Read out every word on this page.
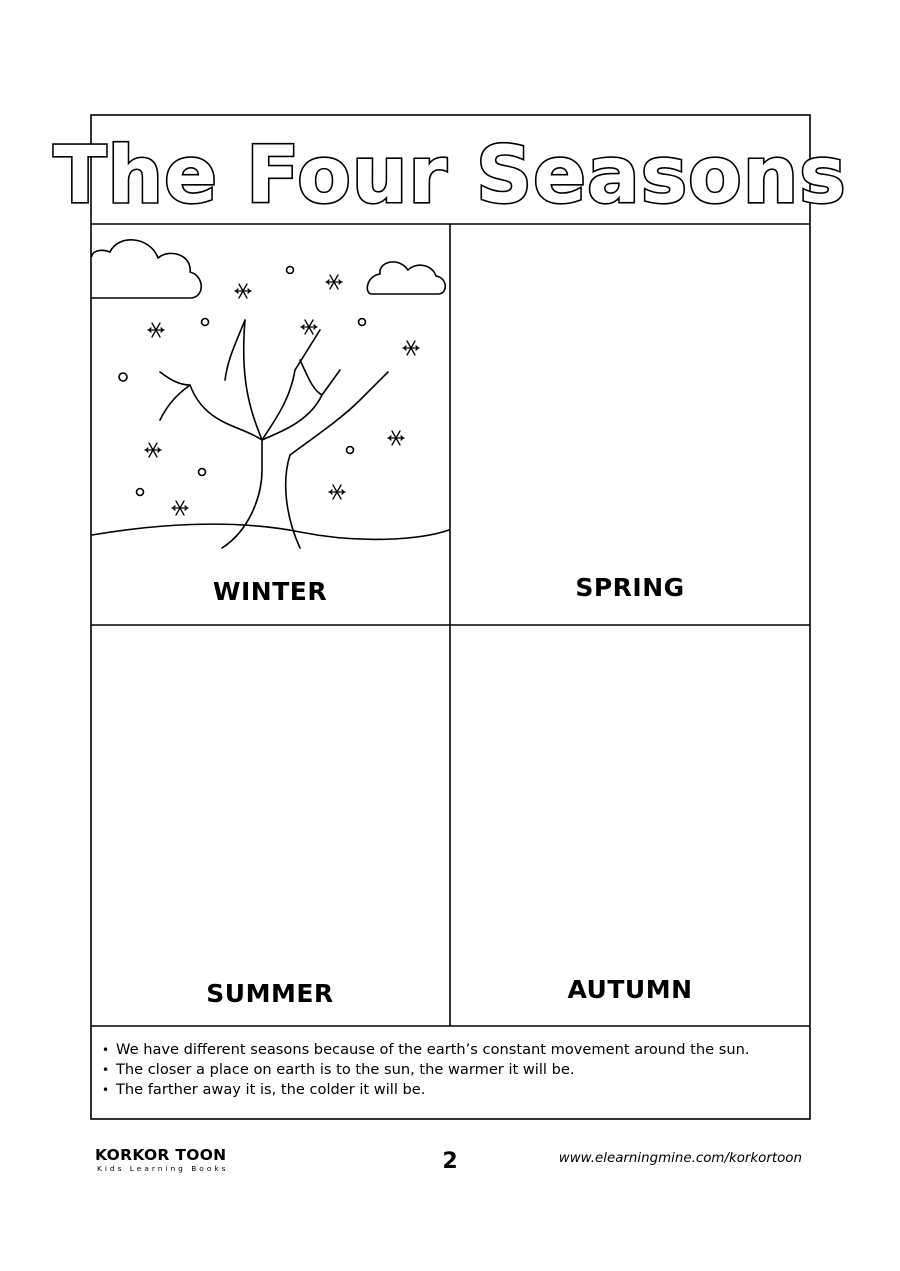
The Four Seasons
WINTER	SPRING
SUMMER	AUTUMN
• We have different seasons because of the earth’s constant movement around the sun.
• The closer a place on earth is to the sun, the warmer it will be.
• The farther away it is, the colder it will be.
KORKOR TOON
Kids Learning Books	2	www.elearningmine.com/korkortoon
